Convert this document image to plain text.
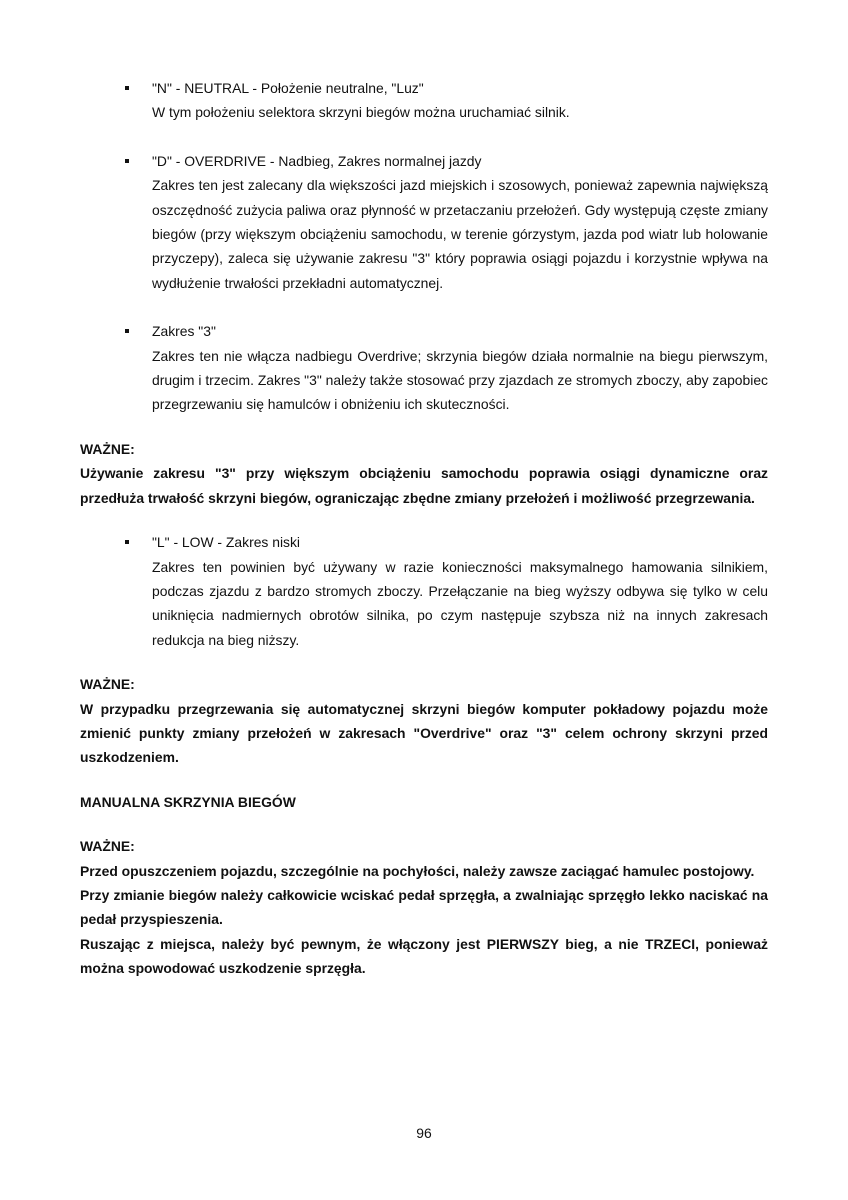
"N" - NEUTRAL - Położenie neutralne, "Luz"

W tym położeniu selektora skrzyni biegów można uruchamiać silnik.

"D" - OVERDRIVE - Nadbieg, Zakres normalnej jazdy

Zakres ten jest zalecany dla większości jazd miejskich i szosowych, ponieważ zapewnia największą oszczędność zużycia paliwa oraz płynność w przetaczaniu przełożeń. Gdy występują częste zmiany biegów (przy większym obciążeniu samochodu, w terenie górzystym, jazda pod wiatr lub holowanie przyczepy), zaleca się używanie zakresu "3" który poprawia osiągi pojazdu i korzystnie wpływa na wydłużenie trwałości przekładni automatycznej.

Zakres "3"

Zakres ten nie włącza nadbiegu Overdrive; skrzynia biegów działa normalnie na biegu pierwszym, drugim i trzecim. Zakres "3" należy także stosować przy zjazdach ze stromych zboczy, aby zapobiec przegrzewaniu się hamulców i obniżeniu ich skuteczności.

WAŻNE:

Używanie zakresu "3" przy większym obciążeniu samochodu poprawia osiągi dynamiczne oraz przedłuża trwałość skrzyni biegów, ograniczając zbędne zmiany przełożeń i możliwość przegrzewania.

"L" - LOW - Zakres niski

Zakres ten powinien być używany w razie konieczności maksymalnego hamowania silnikiem, podczas zjazdu z bardzo stromych zboczy. Przełączanie na bieg wyższy odbywa się tylko w celu uniknięcia nadmiernych obrotów silnika, po czym następuje szybsza niż na innych zakresach redukcja na bieg niższy.

WAŻNE:

W przypadku przegrzewania się automatycznej skrzyni biegów komputer pokładowy pojazdu może zmienić punkty zmiany przełożeń w zakresach "Overdrive" oraz "3" celem ochrony skrzyni przed uszkodzeniem.

MANUALNA SKRZYNIA BIEGÓW

WAŻNE:

Przed opuszczeniem pojazdu, szczególnie na pochyłości, należy zawsze zaciągać hamulec postojowy.

Przy zmianie biegów należy całkowicie wciskać pedał sprzęgła, a zwalniając sprzęgło lekko naciskać na pedał przyspieszenia.

Ruszając z miejsca, należy być pewnym, że włączony jest PIERWSZY bieg, a nie TRZECI, ponieważ można spowodować uszkodzenie sprzęgła.

96
